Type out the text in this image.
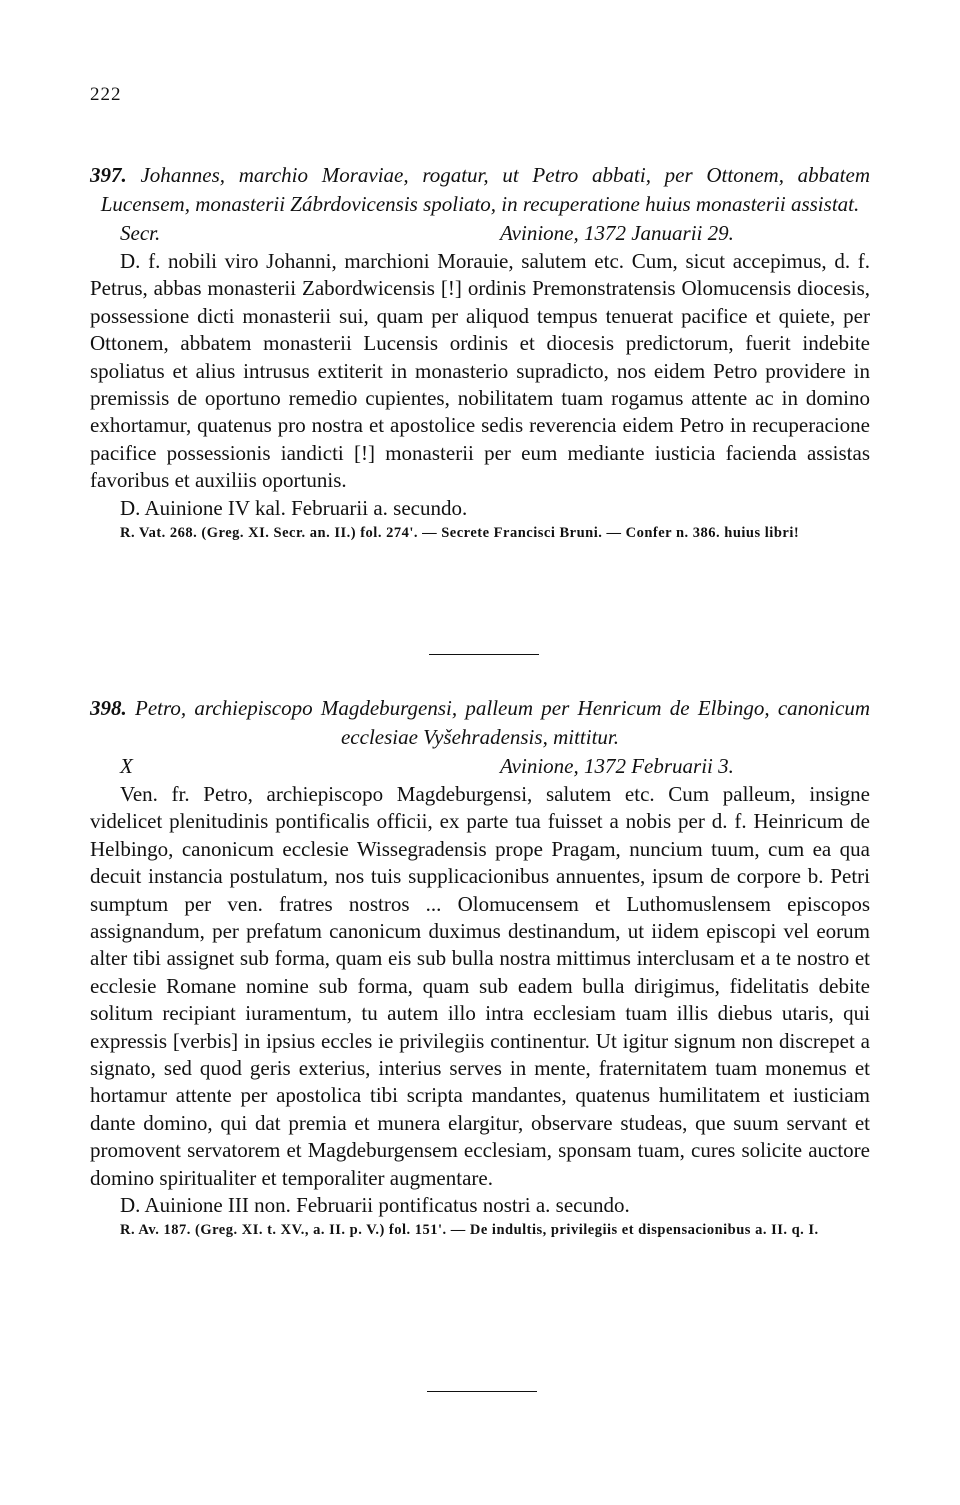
222
397. Johannes, marchio Moraviae, rogatur, ut Petro abbati, per Ottonem, abbatem Lucensem, monasterii Zábrdovicensis spoliato, in recuperatione huius monasterii assistat.
Secr.	Avinione, 1372 Januarii 29.

D. f. nobili viro Johanni, marchioni Morauie, salutem etc. Cum, sicut accepimus, d. f. Petrus, abbas monasterii Zabordwicensis [!] ordinis Premonstratensis Olomucensis diocesis, possessione dicti monasterii sui, quam per aliquod tempus tenuerat pacifice et quiete, per Ottonem, abbatem monasterii Lucensis ordinis et diocesis predictorum, fuerit indebite spoliatus et alius intrusus extiterit in monasterio supradicto, nos eidem Petro providere in premissis de oportuno remedio cupientes, nobilitatem tuam rogamus attente ac in domino exhortamur, quatenus pro nostra et apostolice sedis reverencia eidem Petro in recuperacione pacifice possessionis iandicti [!] monasterii per eum mediante iusticia facienda assistas favoribus et auxiliis oportunis.

D. Auinione IV kal. Februarii a. secundo.

R. Vat. 268. (Greg. XI. Secr. an. II.) fol. 274'. — Secrete Francisci Bruni. — Confer n. 386. huius libri!

398. Petro, archiepiscopo Magdeburgensi, palleum per Henricum de Elbingo, canonicum ecclesiae Vyšehradensis, mittitur.
X	Avinione, 1372 Februarii 3.

Ven. fr. Petro, archiepiscopo Magdeburgensi, salutem etc. Cum palleum, insigne videlicet plenitudinis pontificalis officii, ex parte tua fuisset a nobis per d. f. Heinricum de Helbingo, canonicum ecclesie Wissegradensis prope Pragam, nuncium tuum, cum ea qua decuit instancia postulatum, nos tuis supplicacionibus annuentes, ipsum de corpore b. Petri sumptum per ven. fratres nostros ... Olomucensem et Luthomuslensem episcopos assignandum, per prefatum canonicum duximus destinandum, ut iidem episcopi vel eorum alter tibi assignet sub forma, quam eis sub bulla nostra mittimus interclusam et a te nostro et ecclesie Romane nomine sub forma, quam sub eadem bulla dirigimus, fidelitatis debite solitum recipiant iuramentum, tu autem illo intra ecclesiam tuam illis diebus utaris, qui expressis [verbis] in ipsius eccles ie privilegiis continentur. Ut igitur signum non discrepet a signato, sed quod geris exterius, interius serves in mente, fraternitatem tuam monemus et hortamur attente per apostolica tibi scripta mandantes, quatenus humilitatem et iusticiam dante domino, qui dat premia et munera elargitur, observare studeas, que suum servant et promovent servatorem et Magdeburgensem ecclesiam, sponsam tuam, cures solicite auctore domino spiritualiter et temporaliter augmentare.

D. Auinione III non. Februarii pontificatus nostri a. secundo.

R. Av. 187. (Greg. XI. t. XV., a. II. p. V.) fol. 151'. — De indultis, privilegiis et dispensacionibus a. II. q. I.
